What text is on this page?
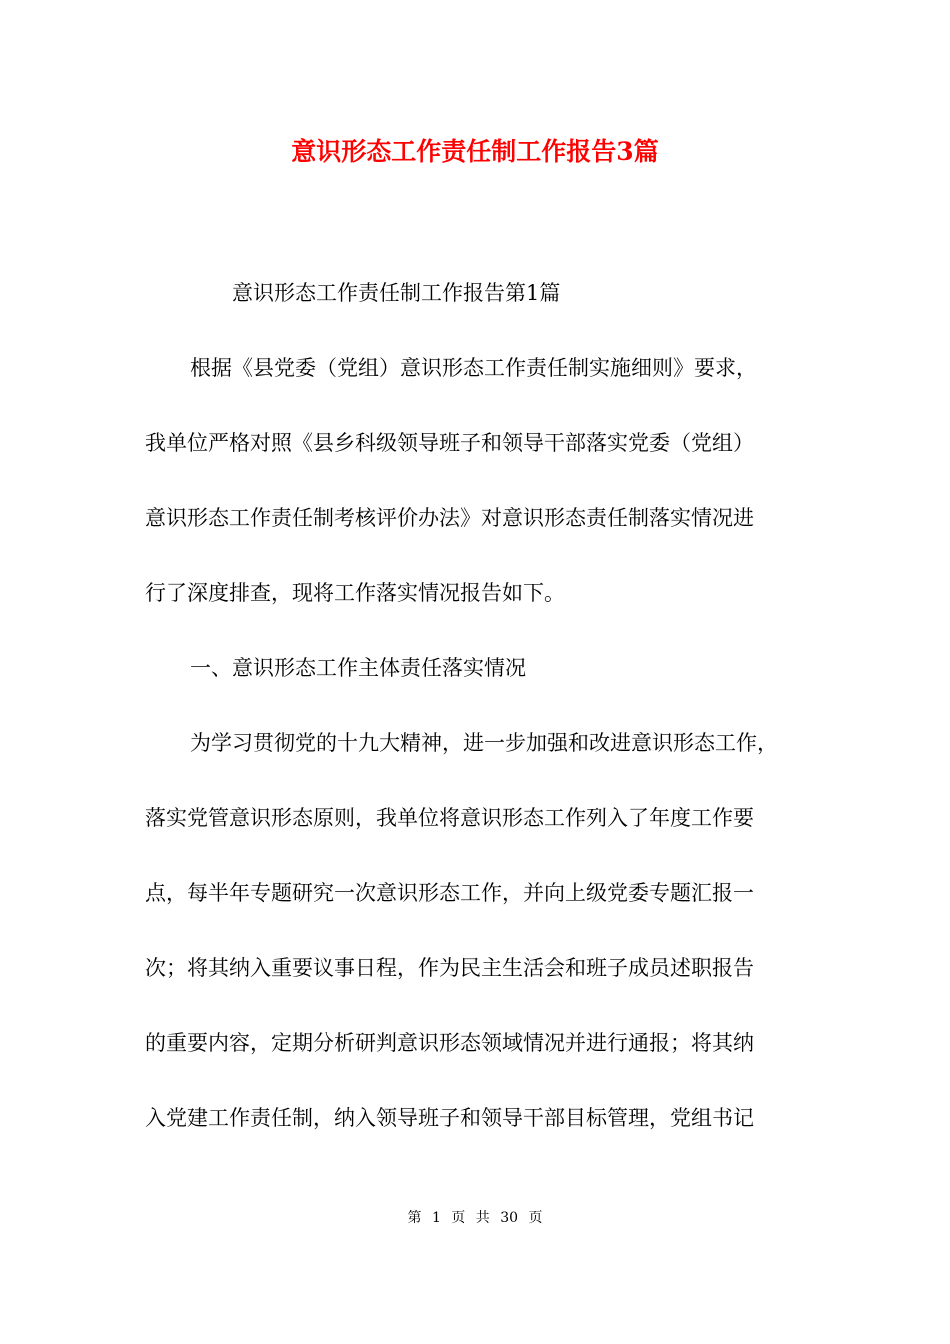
意识形态工作责任制工作报告3篇

意识形态工作责任制工作报告第1篇

根据《县党委（党组）意识形态工作责任制实施细则》要求，

我单位严格对照《县乡科级领导班子和领导干部落实党委（党组）

意识形态工作责任制考核评价办法》对意识形态责任制落实情况进

行了深度排查，现将工作落实情况报告如下。

一、意识形态工作主体责任落实情况

为学习贯彻党的十九大精神，进一步加强和改进意识形态工作，

落实党管意识形态原则，我单位将意识形态工作列入了年度工作要

点，每半年专题研究一次意识形态工作，并向上级党委专题汇报一

次；将其纳入重要议事日程，作为民主生活会和班子成员述职报告

的重要内容，定期分析研判意识形态领域情况并进行通报；将其纳

入党建工作责任制，纳入领导班子和领导干部目标管理，党组书记

第 1 页 共 30 页
